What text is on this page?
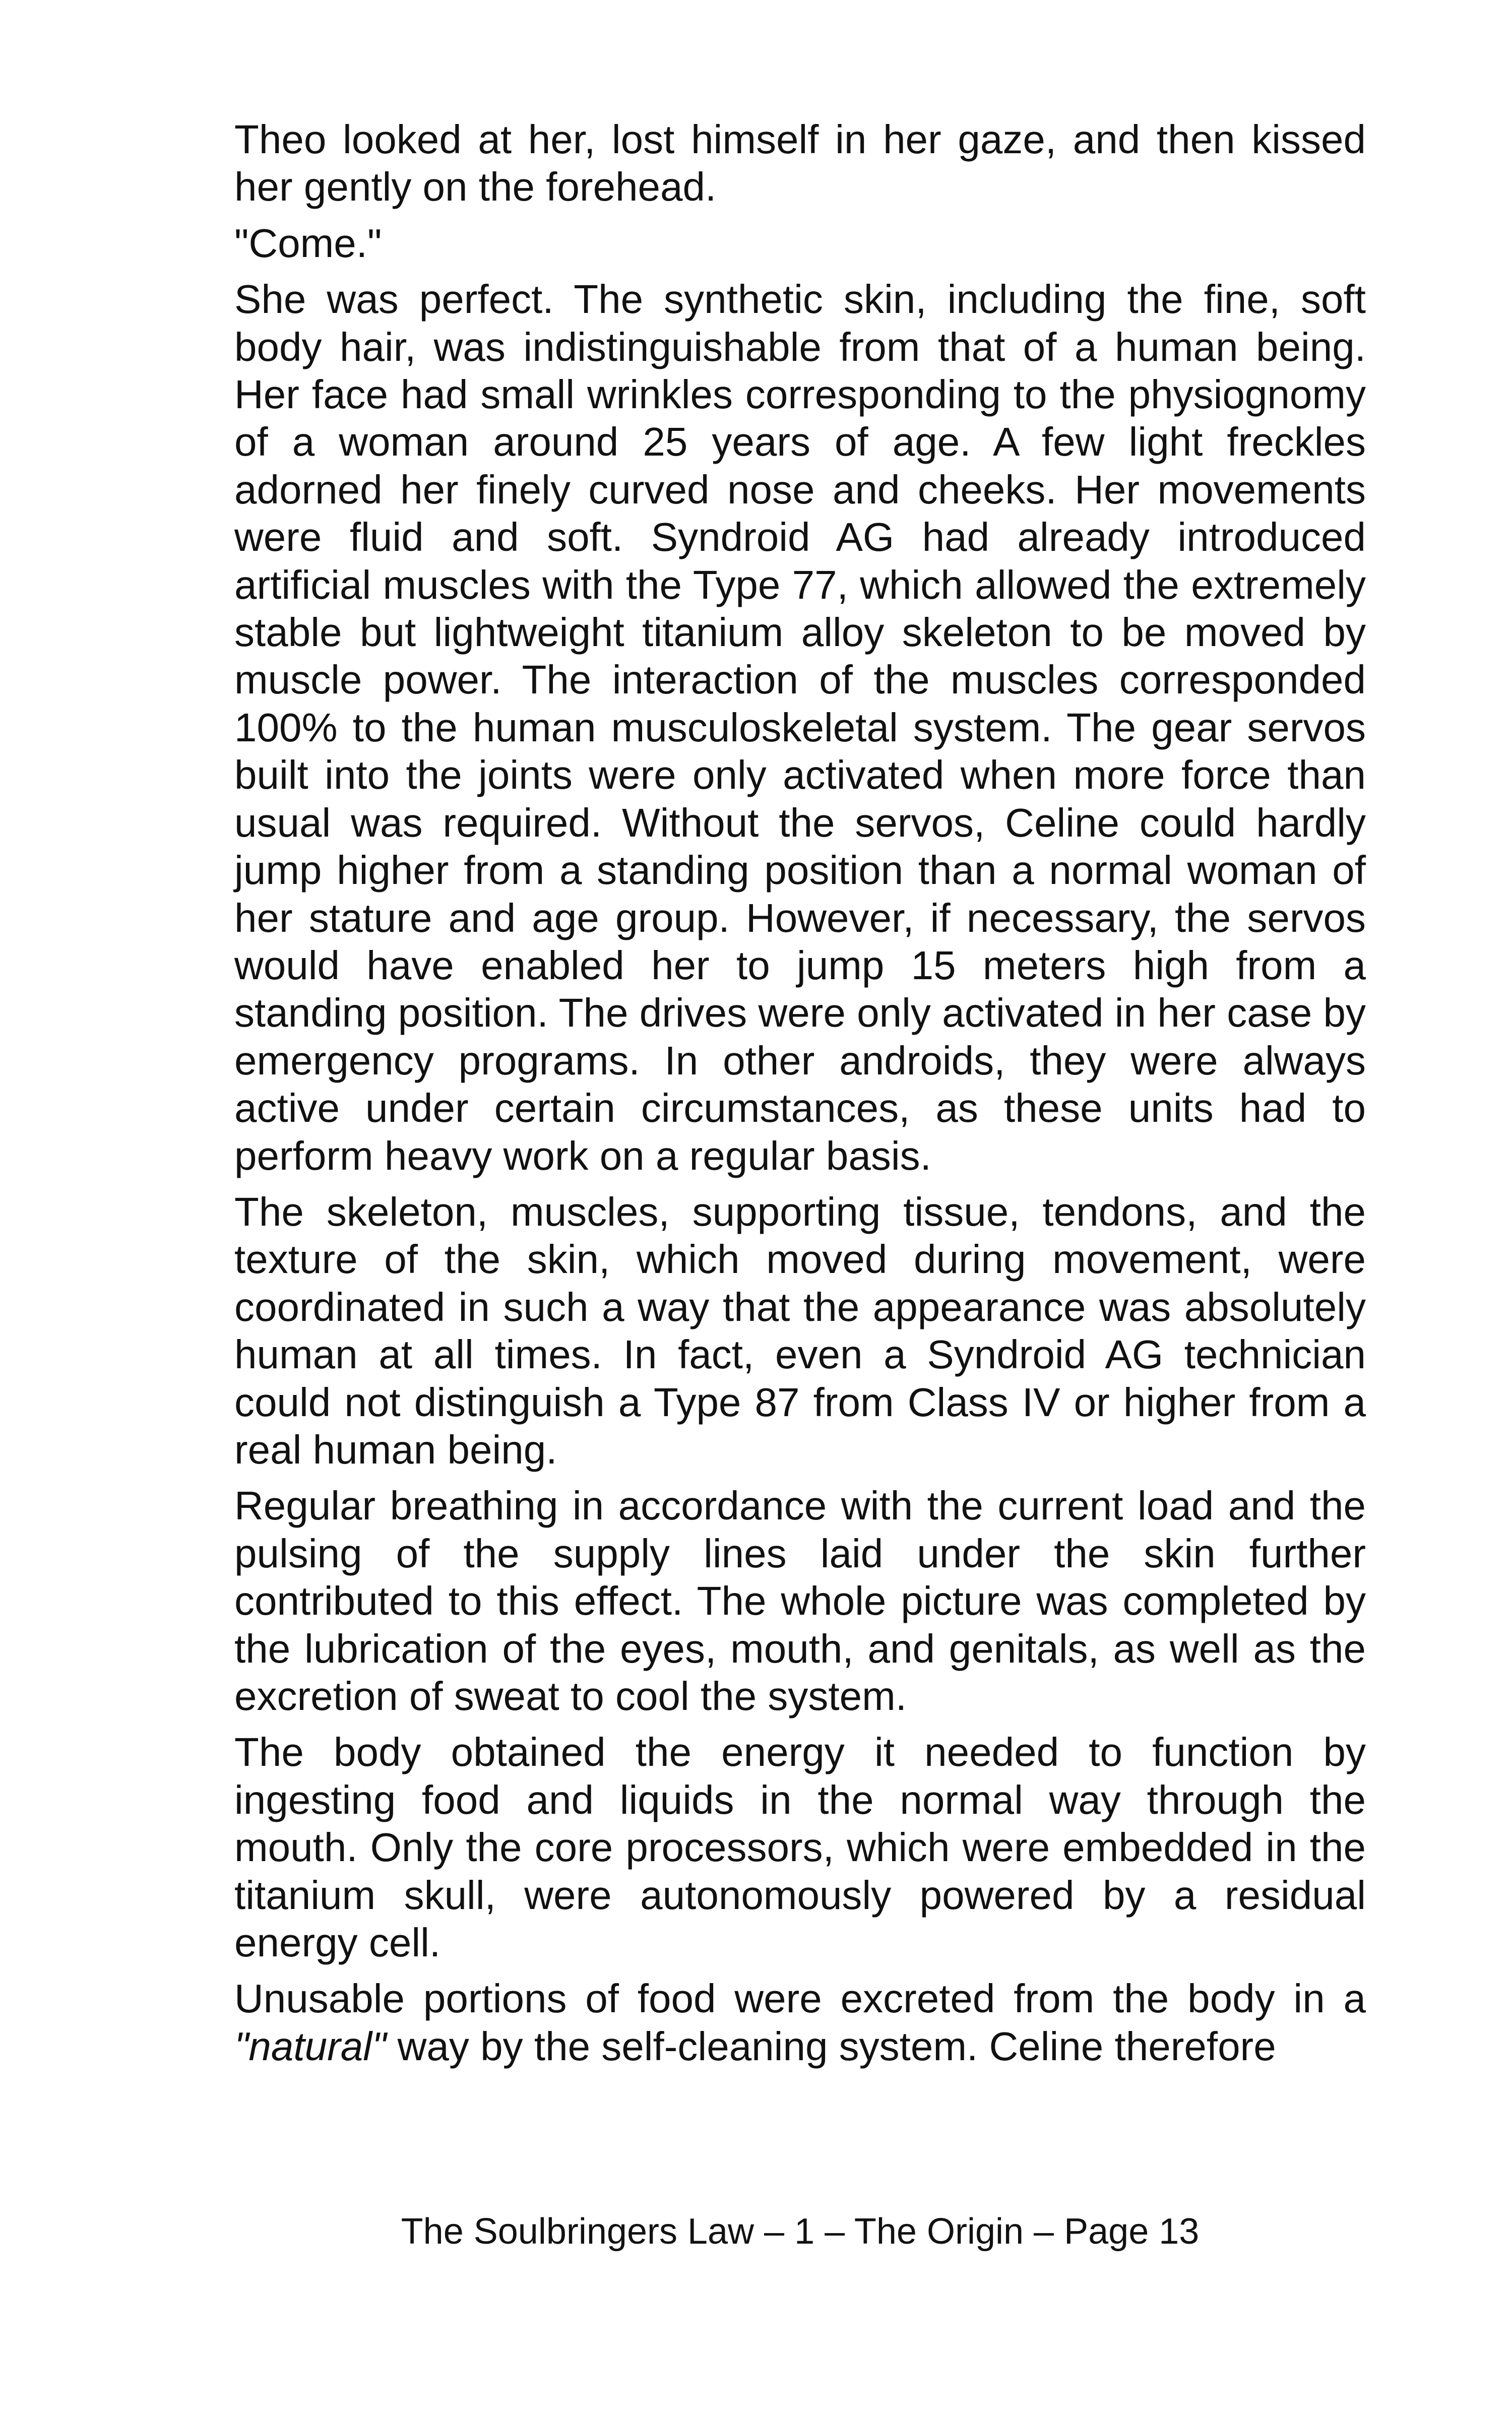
Theo looked at her, lost himself in her gaze, and then kissed her gently on the forehead.

"Come."

She was perfect. The synthetic skin, including the fine, soft body hair, was indistinguishable from that of a human being. Her face had small wrinkles corresponding to the physiognomy of a woman around 25 years of age. A few light freckles adorned her finely curved nose and cheeks. Her movements were fluid and soft. Syndroid AG had already introduced artificial muscles with the Type 77, which allowed the extremely stable but lightweight titanium alloy skeleton to be moved by muscle power. The interaction of the muscles corresponded 100% to the human musculoskeletal system. The gear servos built into the joints were only activated when more force than usual was required. Without the servos, Celine could hardly jump higher from a standing position than a normal woman of her stature and age group. However, if necessary, the servos would have enabled her to jump 15 meters high from a standing position. The drives were only activated in her case by emergency programs. In other androids, they were always active under certain circumstances, as these units had to perform heavy work on a regular basis.

The skeleton, muscles, supporting tissue, tendons, and the texture of the skin, which moved during movement, were coordinated in such a way that the appearance was absolutely human at all times. In fact, even a Syndroid AG technician could not distinguish a Type 87 from Class IV or higher from a real human being.

Regular breathing in accordance with the current load and the pulsing of the supply lines laid under the skin further contributed to this effect. The whole picture was completed by the lubrication of the eyes, mouth, and genitals, as well as the excretion of sweat to cool the system.

The body obtained the energy it needed to function by ingesting food and liquids in the normal way through the mouth. Only the core processors, which were embedded in the titanium skull, were autonomously powered by a residual energy cell.

Unusable portions of food were excreted from the body in a "natural" way by the self-cleaning system. Celine therefore

The Soulbringers Law – 1 – The Origin – Page 13
